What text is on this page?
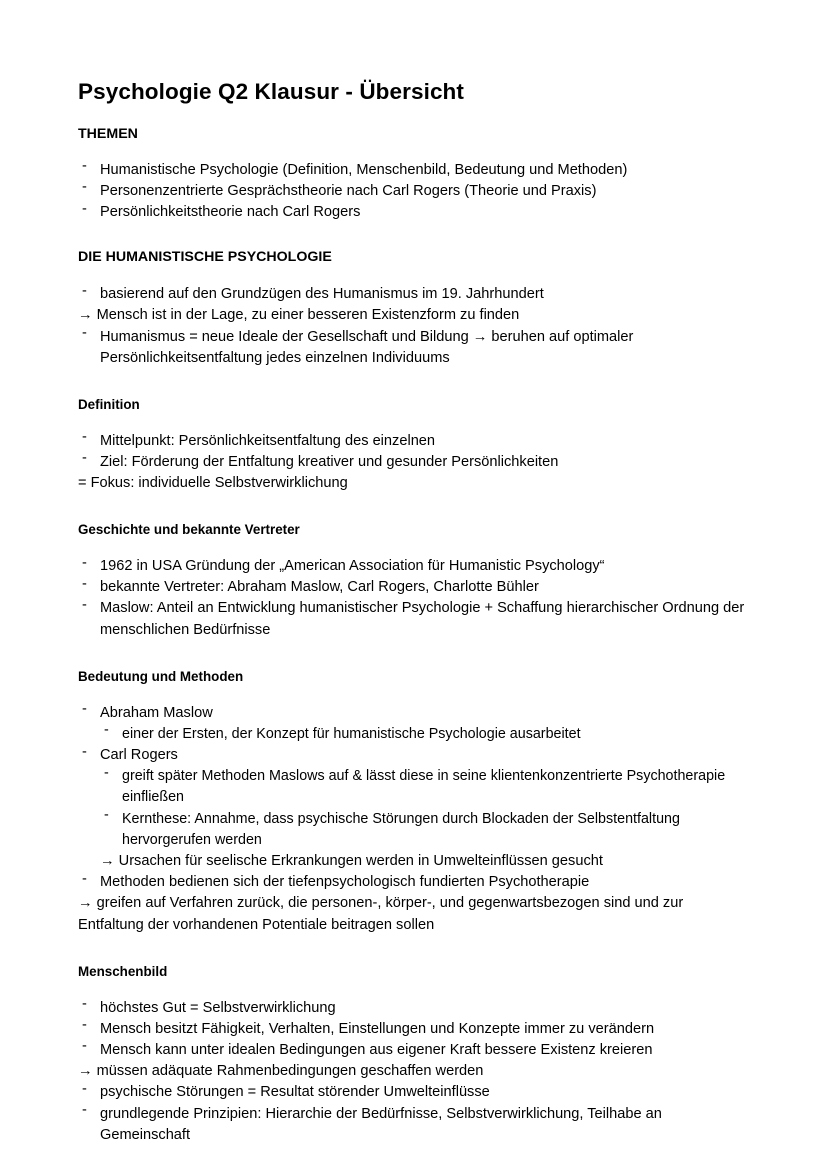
Psychologie Q2 Klausur - Übersicht
THEMEN
- Humanistische Psychologie (Definition, Menschenbild, Bedeutung und Methoden)
- Personenzentrierte Gesprächstheorie nach Carl Rogers (Theorie und Praxis)
- Persönlichkeitstheorie nach Carl Rogers
DIE HUMANISTISCHE PSYCHOLOGIE
- basierend auf den Grundzügen des Humanismus im 19. Jahrhundert
→ Mensch ist in der Lage, zu einer besseren Existenzform zu finden
- Humanismus = neue Ideale der Gesellschaft und Bildung → beruhen auf optimaler Persönlichkeitsentfaltung jedes einzelnen Individuums
Definition
- Mittelpunkt: Persönlichkeitsentfaltung des einzelnen
- Ziel: Förderung der Entfaltung kreativer und gesunder Persönlichkeiten
= Fokus: individuelle Selbstverwirklichung
Geschichte und bekannte Vertreter
- 1962 in USA Gründung der „American Association für Humanistic Psychology“
- bekannte Vertreter: Abraham Maslow, Carl Rogers, Charlotte Bühler
- Maslow: Anteil an Entwicklung humanistischer Psychologie + Schaffung hierarchischer Ordnung der menschlichen Bedürfnisse
Bedeutung und Methoden
- Abraham Maslow
- einer der Ersten, der Konzept für humanistische Psychologie ausarbeitet
- Carl Rogers
- greift später Methoden Maslows auf & lässt diese in seine klientenkonzentrierte Psychotherapie einfließen
- Kernthese: Annahme, dass psychische Störungen durch Blockaden der Selbstentfaltung hervorgerufen werden
→ Ursachen für seelische Erkrankungen werden in Umwelteinflüssen gesucht
- Methoden bedienen sich der tiefenpsychologisch fundierten Psychotherapie
→ greifen auf Verfahren zurück, die personen-, körper-, und gegenwartsbezogen sind und zur Entfaltung der vorhandenen Potentiale beitragen sollen
Menschenbild
- höchstes Gut = Selbstverwirklichung
- Mensch besitzt Fähigkeit, Verhalten, Einstellungen und Konzepte immer zu verändern
- Mensch kann unter idealen Bedingungen aus eigener Kraft bessere Existenz kreieren
→ müssen adäquate Rahmenbedingungen geschaffen werden
- psychische Störungen = Resultat störender Umwelteinflüsse
- grundlegende Prinzipien: Hierarchie der Bedürfnisse, Selbstverwirklichung, Teilhabe an Gemeinschaft
